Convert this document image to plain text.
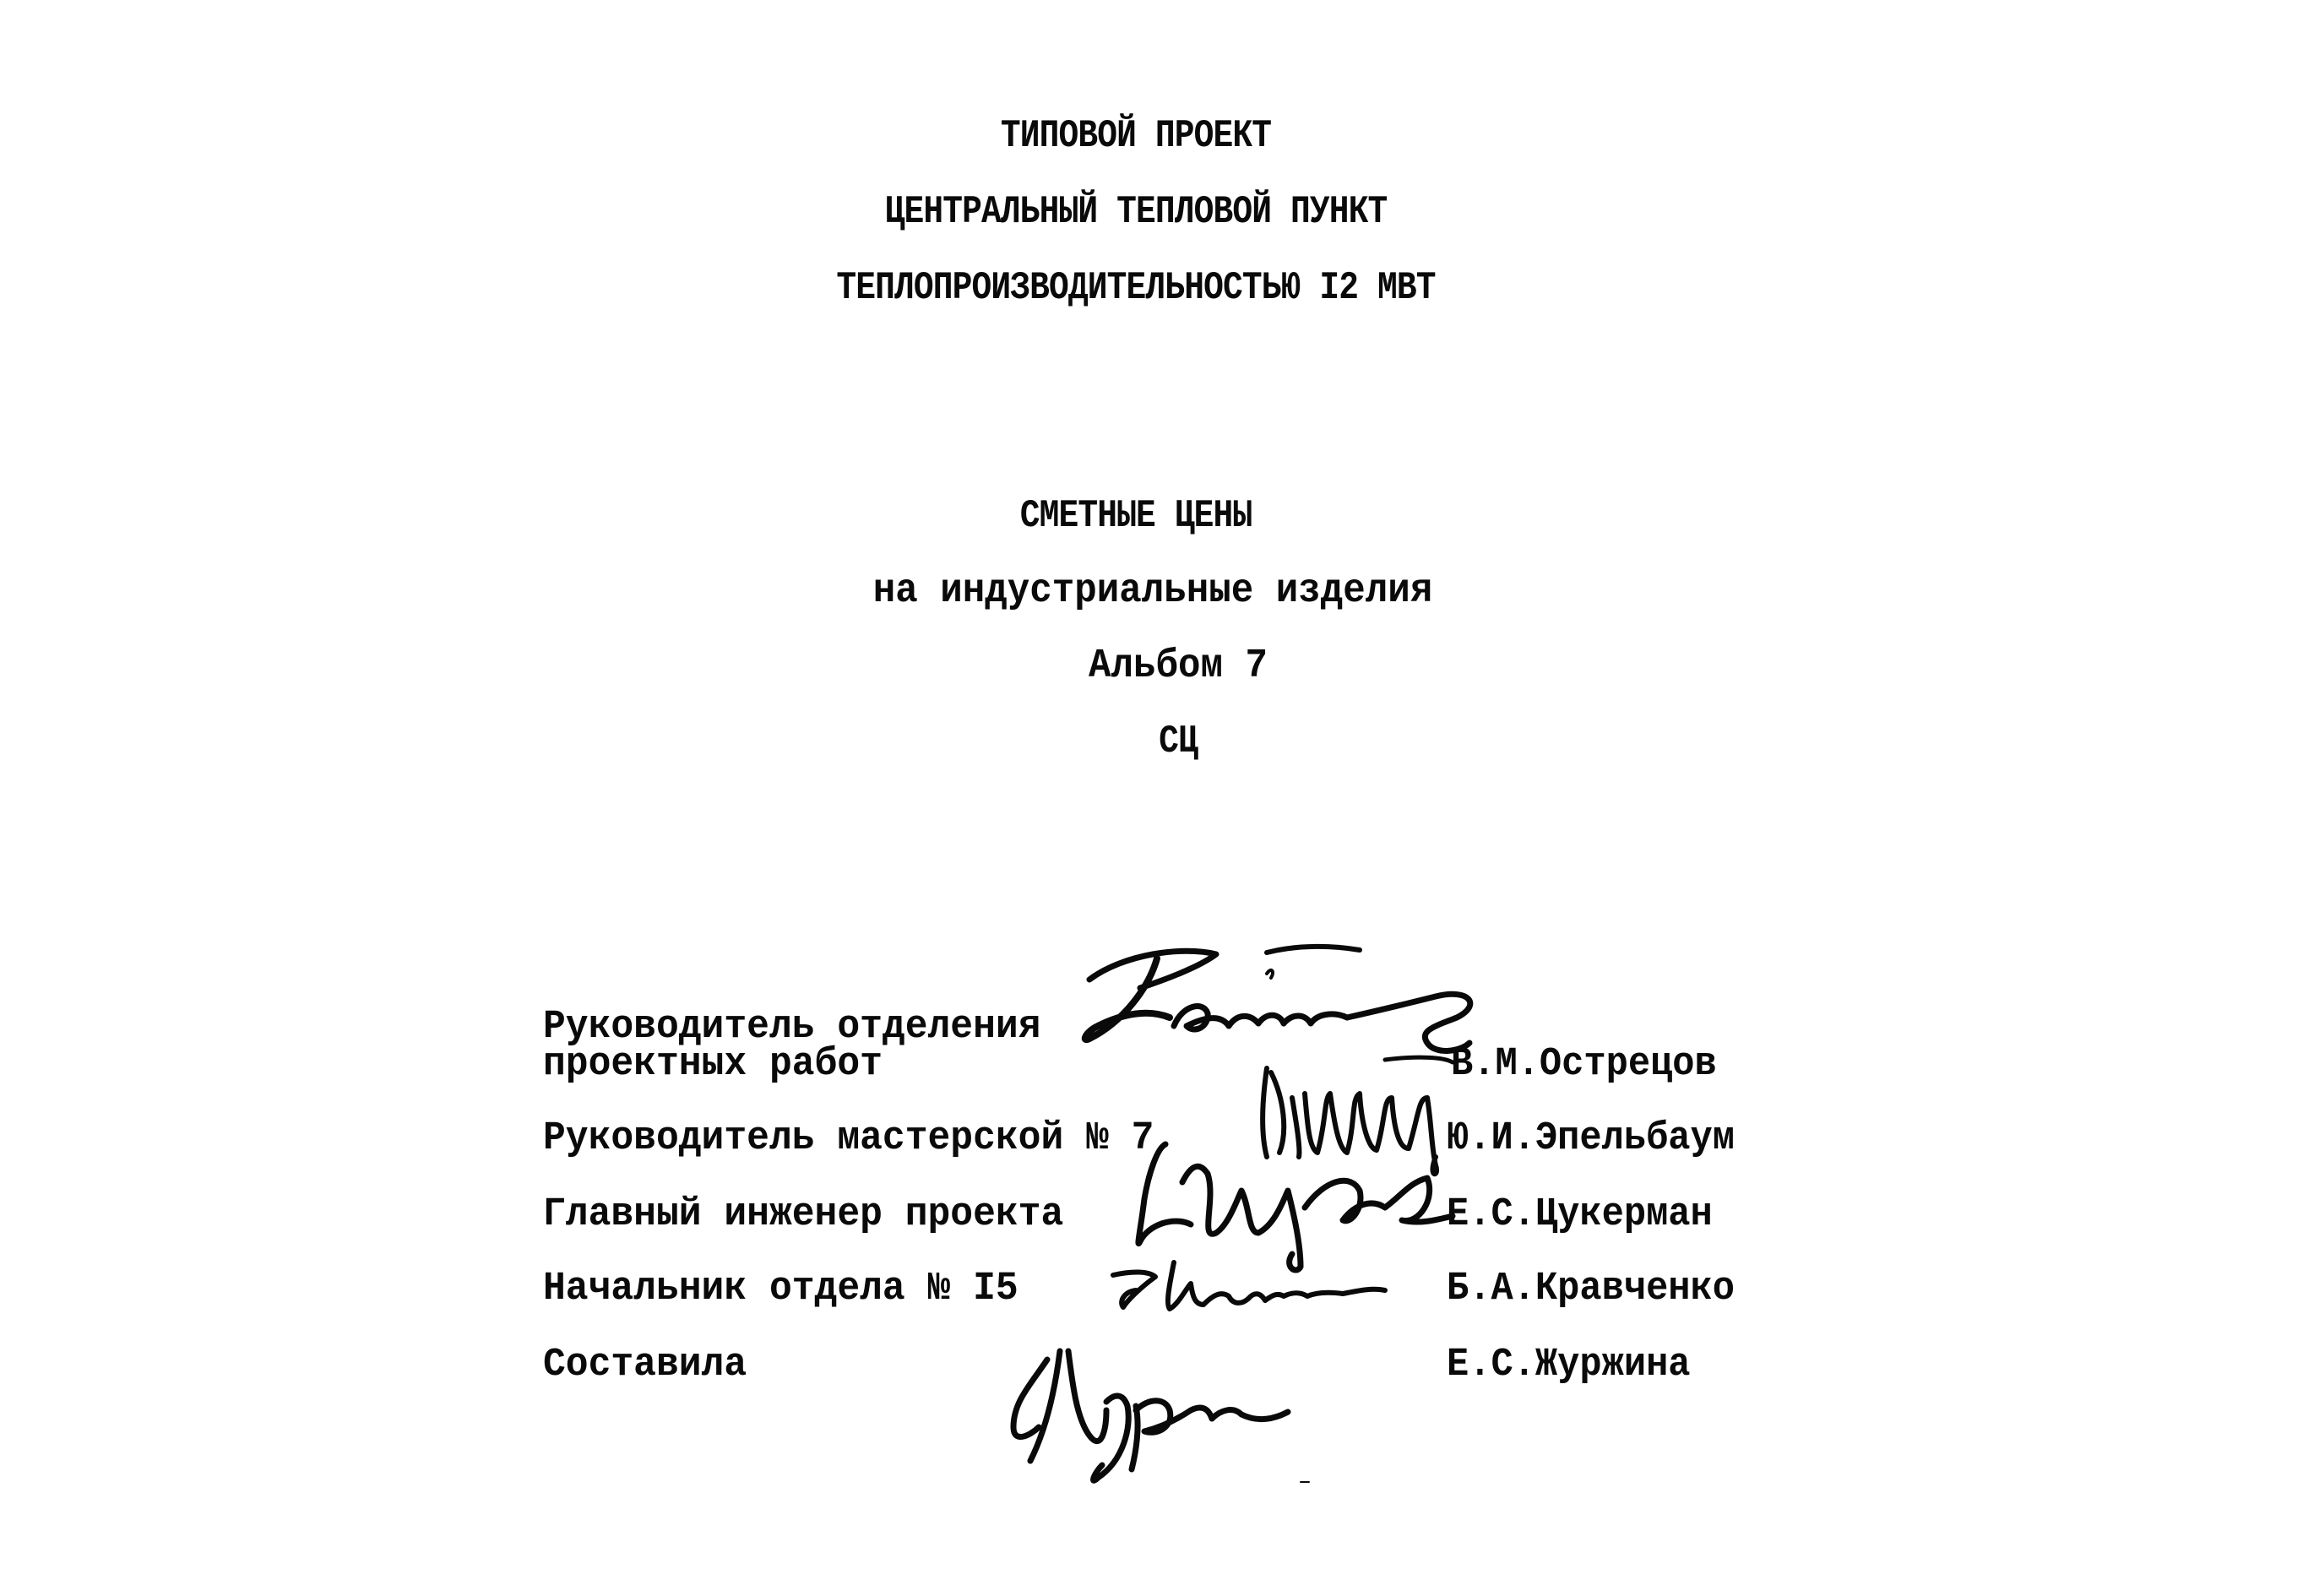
ТИПОВОЙ ПРОЕКТ
ЦЕНТРАЛЬНЫЙ ТЕПЛОВОЙ ПУНКТ
ТЕПЛОПРОИЗВОДИТЕЛЬНОСТЬЮ I2 МВТ
СМЕТНЫЕ ЦЕНЫ
на индустриальные изделия
Альбом 7
СЦ
Руководитель отделения
проектных работ	В.М.Острецов
Руководитель мастерской № 7	Ю.И.Эпельбаум
Главный инженер проекта	Е.С.Цукерман
Начальник отдела № I5	Б.А.Кравченко
Составила	Е.С.Журжина
